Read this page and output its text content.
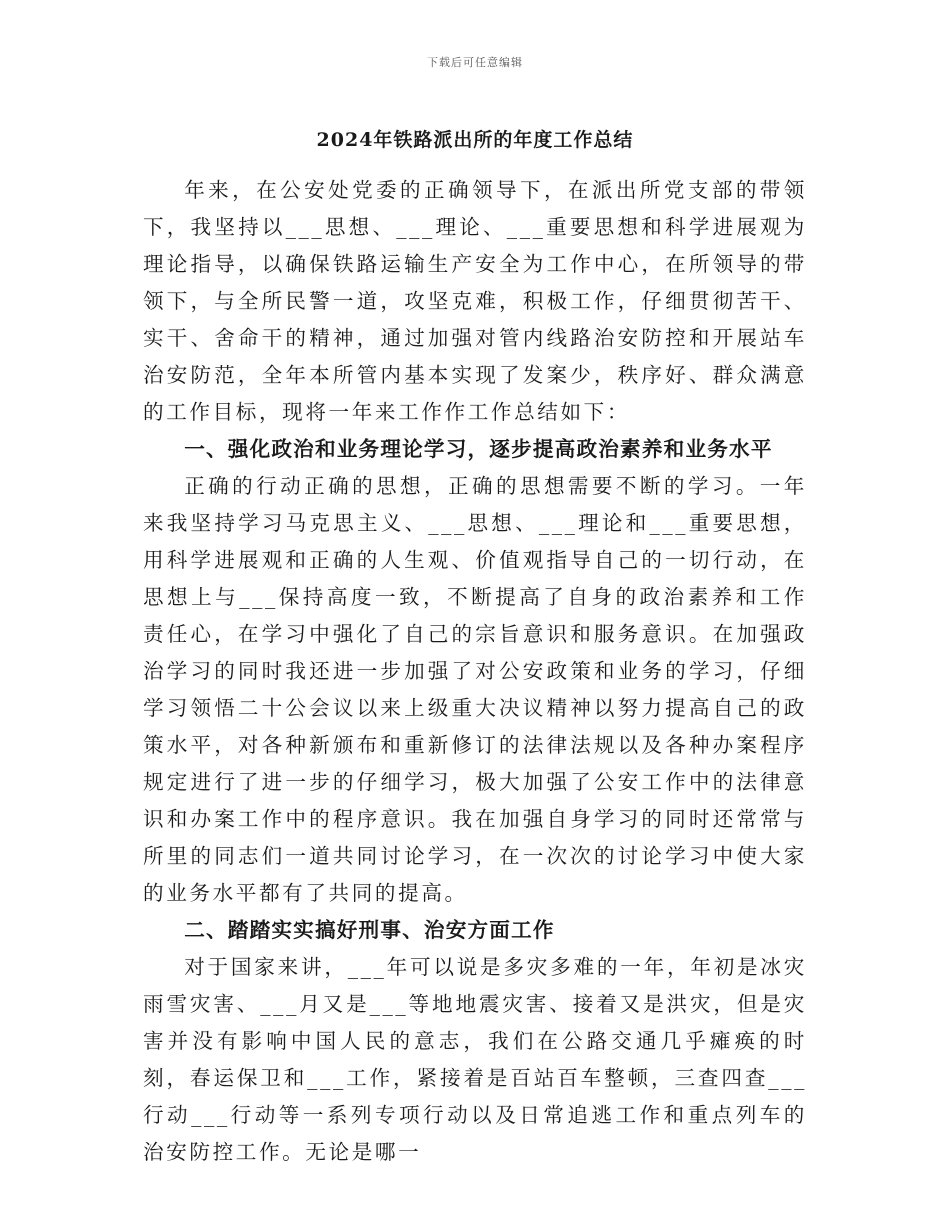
下载后可任意编辑
2024年铁路派出所的年度工作总结

年来，在公安处党委的正确领导下，在派出所党支部的带领下，我坚持以___思想、___理论、___重要思想和科学进展观为理论指导，以确保铁路运输生产安全为工作中心，在所领导的带领下，与全所民警一道，攻坚克难，积极工作，仔细贯彻苦干、实干、舍命干的精神，通过加强对管内线路治安防控和开展站车治安防范，全年本所管内基本实现了发案少，秩序好、群众满意的工作目标，现将一年来工作作工作总结如下：

一、强化政治和业务理论学习，逐步提高政治素养和业务水平

正确的行动正确的思想，正确的思想需要不断的学习。一年来我坚持学习马克思主义、___思想、___理论和___重要思想，用科学进展观和正确的人生观、价值观指导自己的一切行动，在思想上与___保持高度一致，不断提高了自身的政治素养和工作责任心，在学习中强化了自己的宗旨意识和服务意识。在加强政治学习的同时我还进一步加强了对公安政策和业务的学习，仔细学习领悟二十公会议以来上级重大决议精神以努力提高自己的政策水平，对各种新颁布和重新修订的法律法规以及各种办案程序规定进行了进一步的仔细学习，极大加强了公安工作中的法律意识和办案工作中的程序意识。我在加强自身学习的同时还常常与所里的同志们一道共同讨论学习，在一次次的讨论学习中使大家的业务水平都有了共同的提高。

二、踏踏实实搞好刑事、治安方面工作

对于国家来讲，___年可以说是多灾多难的一年，年初是冰灾雨雪灾害、___月又是___等地地震灾害、接着又是洪灾，但是灾害并没有影响中国人民的意志，我们在公路交通几乎瘫痪的时刻，春运保卫和___工作，紧接着是百站百车整顿，三查四查___行动___行动等一系列专项行动以及日常追逃工作和重点列车的治安防控工作。无论是哪一
